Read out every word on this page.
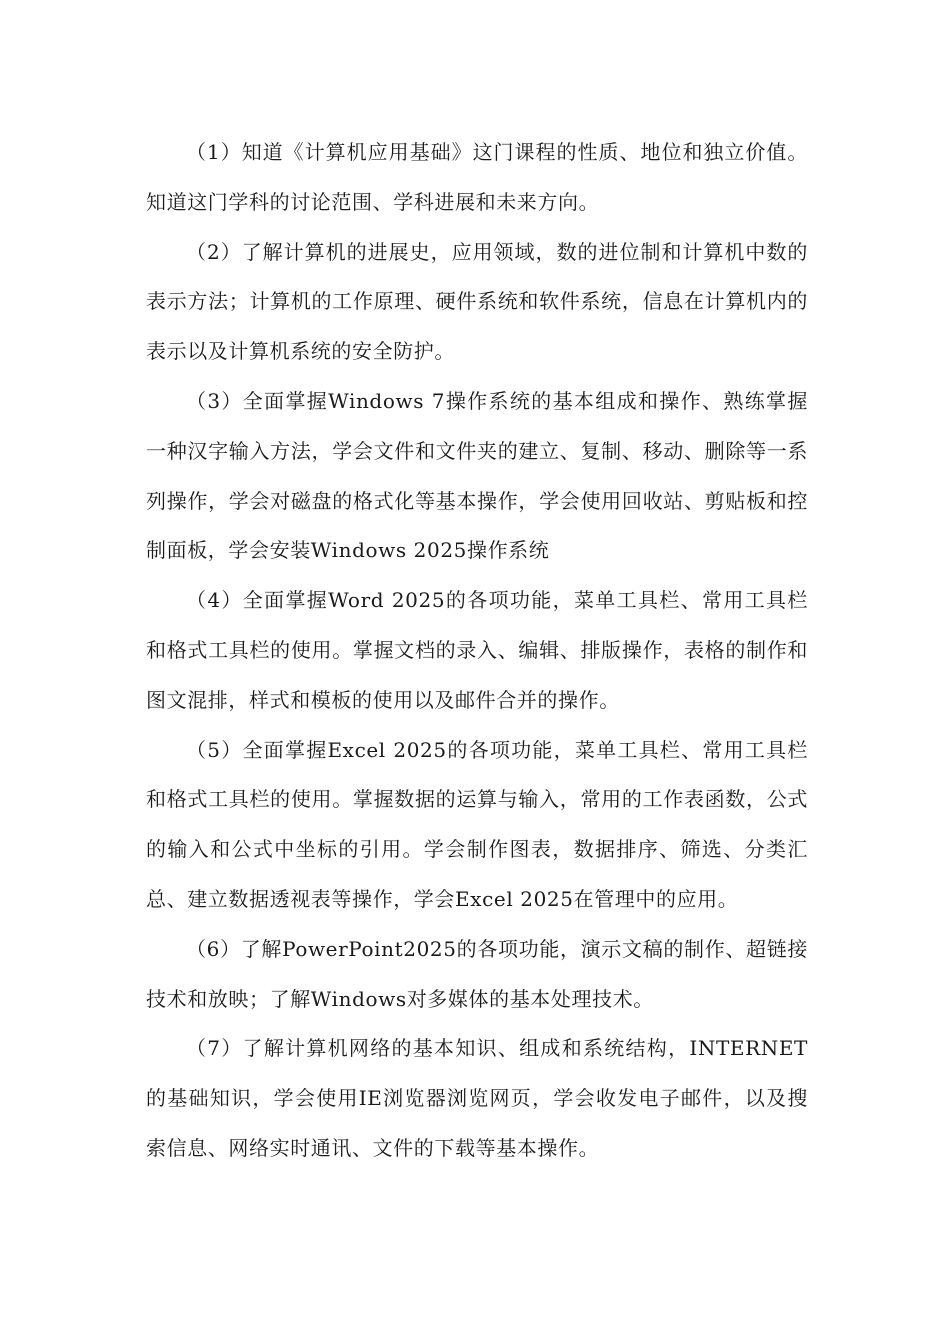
（1）知道《计算机应用基础》这门课程的性质、地位和独立价值。知道这门学科的讨论范围、学科进展和未来方向。

（2）了解计算机的进展史，应用领域，数的进位制和计算机中数的表示方法；计算机的工作原理、硬件系统和软件系统，信息在计算机内的表示以及计算机系统的安全防护。

（3）全面掌握Windows 7操作系统的基本组成和操作、熟练掌握一种汉字输入方法，学会文件和文件夹的建立、复制、移动、删除等一系列操作，学会对磁盘的格式化等基本操作，学会使用回收站、剪贴板和控制面板，学会安装Windows 2025操作系统

（4）全面掌握Word 2025的各项功能，菜单工具栏、常用工具栏和格式工具栏的使用。掌握文档的录入、编辑、排版操作，表格的制作和图文混排，样式和模板的使用以及邮件合并的操作。

（5）全面掌握Excel 2025的各项功能，菜单工具栏、常用工具栏和格式工具栏的使用。掌握数据的运算与输入，常用的工作表函数，公式的输入和公式中坐标的引用。学会制作图表，数据排序、筛选、分类汇总、建立数据透视表等操作，学会Excel 2025在管理中的应用。

（6）了解PowerPoint2025的各项功能，演示文稿的制作、超链接技术和放映；了解Windows对多媒体的基本处理技术。

（7）了解计算机网络的基本知识、组成和系统结构，INTERNET的基础知识，学会使用IE浏览器浏览网页，学会收发电子邮件，以及搜索信息、网络实时通讯、文件的下载等基本操作。
